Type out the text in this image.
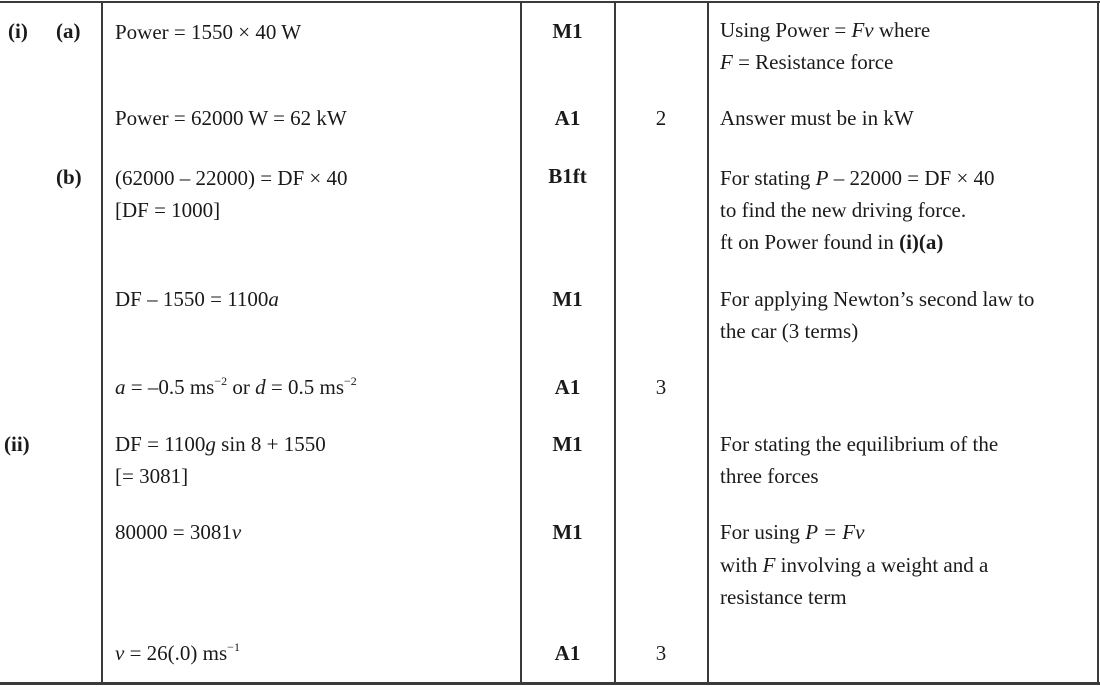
(i) (a)
(b)
(ii)
Power = 1550 × 40 W
Power = 62000 W = 62 kW
(62000 – 22000) = DF × 40
[DF = 1000]
DF – 1550 = 1100a
a = –0.5 $ms^{-2}$ or d = 0.5 $ms^{-2}$
DF = 1100g sin 8 + 1550
[= 3081]
80000 = 3081v
v = 26(.0) $ms^{-1}$
M1
A1
B1ft
M1
A1
M1
M1
A1
2
3
3
Using Power = Fv where
F = Resistance force
Answer must be in kW
For stating P – 22000 = DF × 40
to find the new driving force.
ft on Power found in (i)(a)
For applying Newton’s second law to
the car (3 terms)
For stating the equilibrium of the
three forces
For using P = Fv
with F involving a weight and a
resistance term
